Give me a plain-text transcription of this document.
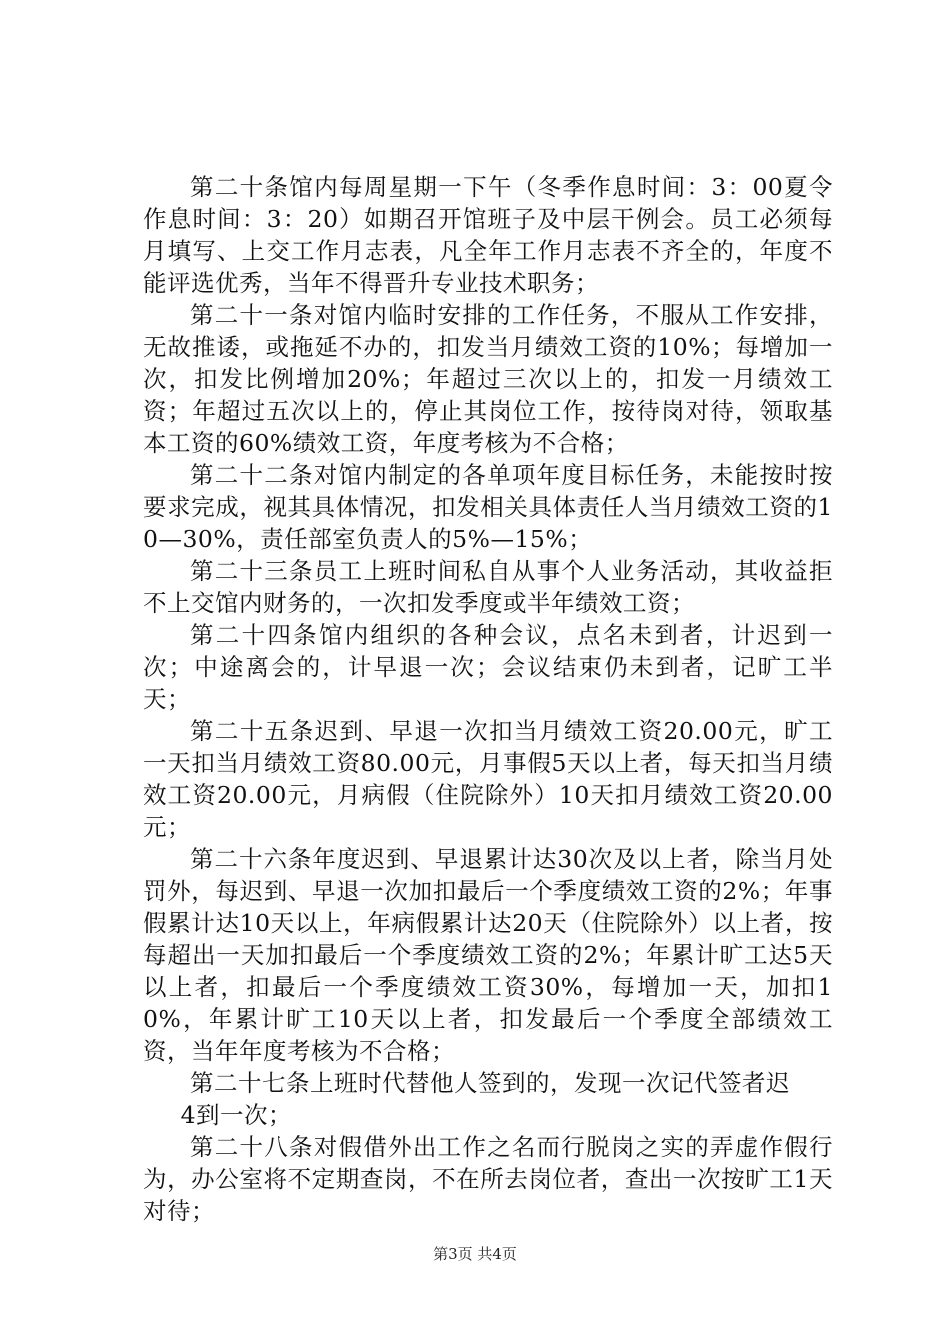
第二十条馆内每周星期一下午（冬季作息时间：3：00夏令作息时间：3：20）如期召开馆班子及中层干例会。员工必须每月填写、上交工作月志表，凡全年工作月志表不齐全的，年度不能评选优秀，当年不得晋升专业技术职务；

第二十一条对馆内临时安排的工作任务，不服从工作安排，无故推诿，或拖延不办的，扣发当月绩效工资的10%；每增加一次，扣发比例增加20%；年超过三次以上的，扣发一月绩效工资；年超过五次以上的，停止其岗位工作，按待岗对待，领取基本工资的60%绩效工资，年度考核为不合格；

第二十二条对馆内制定的各单项年度目标任务，未能按时按要求完成，视其具体情况，扣发相关具体责任人当月绩效工资的10—30%，责任部室负责人的5%—15%；

第二十三条员工上班时间私自从事个人业务活动，其收益拒不上交馆内财务的，一次扣发季度或半年绩效工资；

第二十四条馆内组织的各种会议，点名未到者，计迟到一次；中途离会的，计早退一次；会议结束仍未到者，记旷工半天；

第二十五条迟到、早退一次扣当月绩效工资20.00元，旷工一天扣当月绩效工资80.00元，月事假5天以上者，每天扣当月绩效工资20.00元，月病假（住院除外）10天扣月绩效工资20.00元；

第二十六条年度迟到、早退累计达30次及以上者，除当月处罚外，每迟到、早退一次加扣最后一个季度绩效工资的2%；年事假累计达10天以上，年病假累计达20天（住院除外）以上者，按每超出一天加扣最后一个季度绩效工资的2%；年累计旷工达5天以上者，扣最后一个季度绩效工资30%，每增加一天，加扣10%，年累计旷工10天以上者，扣发最后一个季度全部绩效工资，当年年度考核为不合格；

第二十七条上班时代替他人签到的，发现一次记代签者迟

4到一次；

第二十八条对假借外出工作之名而行脱岗之实的弄虚作假行为，办公室将不定期查岗，不在所去岗位者，查出一次按旷工1天对待；

第3页 共4页
